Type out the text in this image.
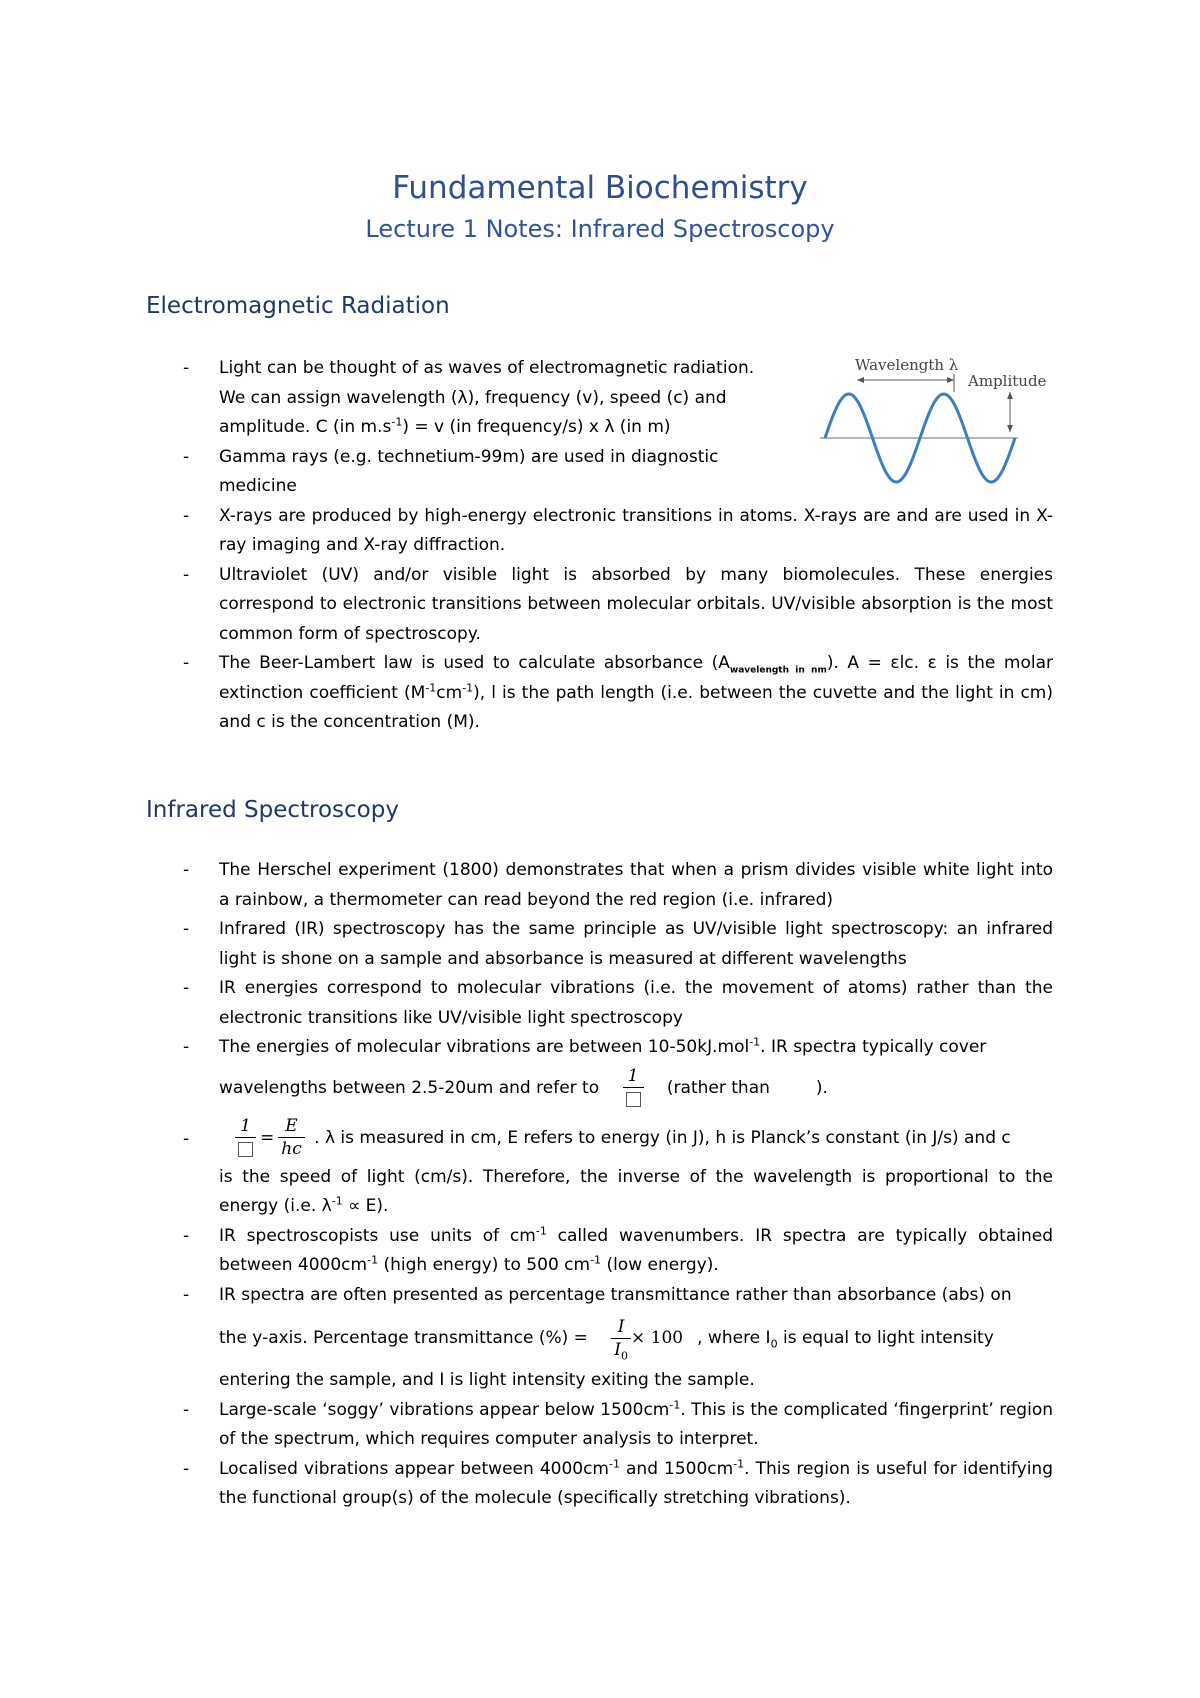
Fundamental Biochemistry
Lecture 1 Notes: Infrared Spectroscopy
Electromagnetic Radiation
Wavelength λ
Amplitude
- Light can be thought of as waves of electromagnetic radiation.
We can assign wavelength (λ), frequency (v), speed (c) and
amplitude. C (in $m.s^{-1}) = v$ (in frequency/s) x λ (in m)
- Gamma rays (e.g. technetium-99m) are used in diagnostic
medicine
- X-rays are produced by high-energy electronic transitions in atoms. X-rays are and are used in X-ray imaging and X-ray diffraction.
- Ultraviolet (UV) and/or visible light is absorbed by many biomolecules. These energies correspond to electronic transitions between molecular orbitals. UV/visible absorption is the most common form of spectroscopy.
- The Beer-Lambert law is used to calculate absorbance $(A_{wavelength in nm})$. A = εlc. ε is the molar extinction coefficient $(M^{-1}cm^{-1})$, l is the path length (i.e. between the cuvette and the light in cm) and c is the concentration (M).
Infrared Spectroscopy
- The Herschel experiment (1800) demonstrates that when a prism divides visible white light into a rainbow, a thermometer can read beyond the red region (i.e. infrared)
- Infrared (IR) spectroscopy has the same principle as UV/visible light spectroscopy: an infrared light is shone on a sample and absorbance is measured at different wavelengths
- IR energies correspond to molecular vibrations (i.e. the movement of atoms) rather than the electronic transitions like UV/visible light spectroscopy
- The energies of molecular vibrations are between 10-50kJ.mol$^{-1}$. IR spectra typically cover
wavelengths between 2.5-20um and refer to
1
(rather than	).
-
1
= $\frac{E}{hc}$ . λ is measured in cm, E refers to energy (in J), h is Planck’s constant (in J/s) and c
is the speed of light (cm/s). Therefore, the inverse of the wavelength is proportional to the energy (i.e. $\lambda^{-1} \propto E$).
- IR spectroscopists use units of $cm^{-1}$ called wavenumbers. IR spectra are typically obtained between $4000cm^{-1}$ (high energy) to 500 $cm^{-1}$ (low energy).
- IR spectra are often presented as percentage transmittance rather than absorbance (abs) on
the y-axis. Percentage transmittance (%) = $\frac{I}{I_0} \times 100$ , where $I_0$ is equal to light intensity
entering the sample, and I is light intensity exiting the sample.
- Large-scale ‘soggy’ vibrations appear below $1500cm^{-1}$. This is the complicated ‘fingerprint’ region of the spectrum, which requires computer analysis to interpret.
- Localised vibrations appear between $4000cm^{-1}$ and $1500cm^{-1}$. This region is useful for identifying the functional group(s) of the molecule (specifically stretching vibrations).
